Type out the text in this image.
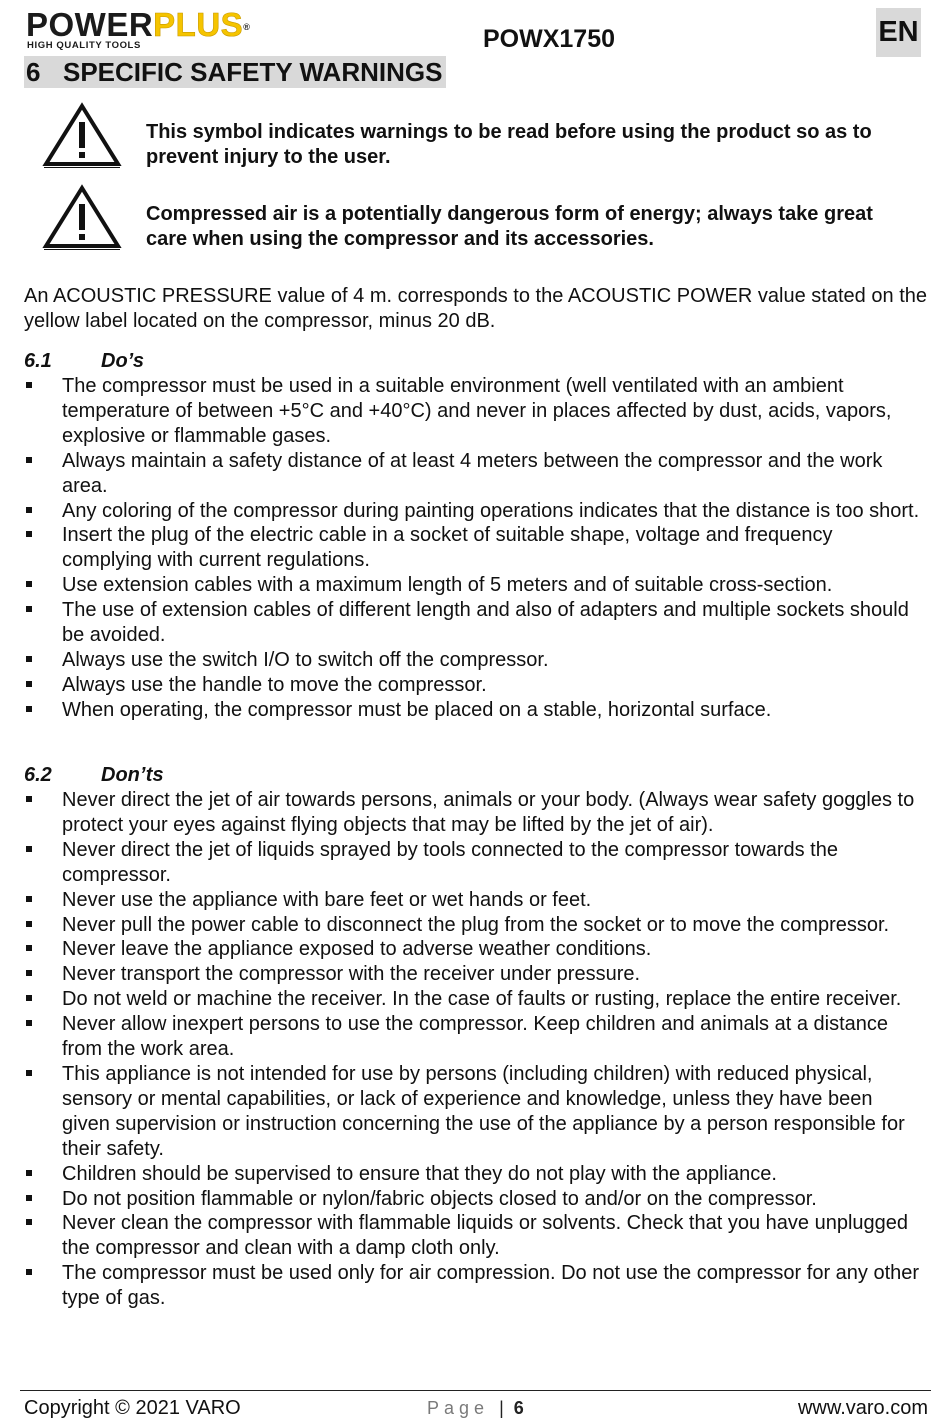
POWERPLUS®
HIGH QUALITY TOOLS	POWX1750	EN
6 SPECIFIC SAFETY WARNINGS
This symbol indicates warnings to be read before using the product so as to prevent injury to the user.
Compressed air is a potentially dangerous form of energy; always take great care when using the compressor and its accessories.
An ACOUSTIC PRESSURE value of 4 m. corresponds to the ACOUSTIC POWER value stated on the yellow label located on the compressor, minus 20 dB.
6.1 Do’s
The compressor must be used in a suitable environment (well ventilated with an ambient temperature of between +5°C and +40°C) and never in places affected by dust, acids, vapors, explosive or flammable gases.
Always maintain a safety distance of at least 4 meters between the compressor and the work area.
Any coloring of the compressor during painting operations indicates that the distance is too short.
Insert the plug of the electric cable in a socket of suitable shape, voltage and frequency complying with current regulations.
Use extension cables with a maximum length of 5 meters and of suitable cross-section.
The use of extension cables of different length and also of adapters and multiple sockets should be avoided.
Always use the switch I/O to switch off the compressor.
Always use the handle to move the compressor.
When operating, the compressor must be placed on a stable, horizontal surface.
6.2 Don’ts
Never direct the jet of air towards persons, animals or your body. (Always wear safety goggles to protect your eyes against flying objects that may be lifted by the jet of air).
Never direct the jet of liquids sprayed by tools connected to the compressor towards the compressor.
Never use the appliance with bare feet or wet hands or feet.
Never pull the power cable to disconnect the plug from the socket or to move the compressor.
Never leave the appliance exposed to adverse weather conditions.
Never transport the compressor with the receiver under pressure.
Do not weld or machine the receiver. In the case of faults or rusting, replace the entire receiver.
Never allow inexpert persons to use the compressor. Keep children and animals at a distance from the work area.
This appliance is not intended for use by persons (including children) with reduced physical, sensory or mental capabilities, or lack of experience and knowledge, unless they have been given supervision or instruction concerning the use of the appliance by a person responsible for their safety.
Children should be supervised to ensure that they do not play with the appliance.
Do not position flammable or nylon/fabric objects closed to and/or on the compressor.
Never clean the compressor with flammable liquids or solvents. Check that you have unplugged the compressor and clean with a damp cloth only.
The compressor must be used only for air compression. Do not use the compressor for any other type of gas.
Copyright © 2021 VARO	Page | 6	www.varo.com
